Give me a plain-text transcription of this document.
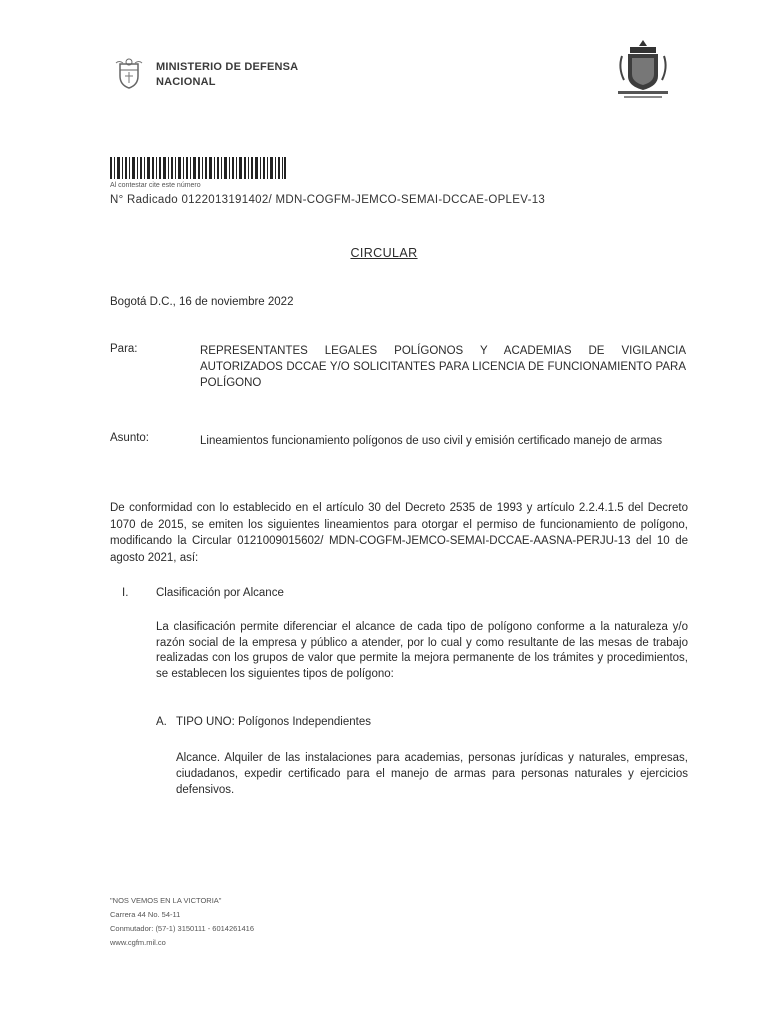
MINISTERIO DE DEFENSA
NACIONAL
Al contestar cite este número
N° Radicado 0122013191402/ MDN-COGFM-JEMCO-SEMAI-DCCAE-OPLEV-13
CIRCULAR
Bogotá D.C., 16 de noviembre 2022
Para:	REPRESENTANTES LEGALES POLÍGONOS Y ACADEMIAS DE VIGILANCIA AUTORIZADOS DCCAE Y/O SOLICITANTES PARA LICENCIA DE FUNCIONAMIENTO PARA POLÍGONO
Asunto:	Lineamientos funcionamiento polígonos de uso civil y emisión certificado manejo de armas
De conformidad con lo establecido en el artículo 30 del Decreto 2535 de 1993 y artículo 2.2.4.1.5 del Decreto 1070 de 2015, se emiten los siguientes lineamientos para otorgar el permiso de funcionamiento de polígono, modificando la Circular 0121009015602/ MDN-COGFM-JEMCO-SEMAI-DCCAE-AASNA-PERJU-13 del 10 de agosto 2021, así:
I. Clasificación por Alcance
La clasificación permite diferenciar el alcance de cada tipo de polígono conforme a la naturaleza y/o razón social de la empresa y público a atender, por lo cual y como resultante de las mesas de trabajo realizadas con los grupos de valor que permite la mejora permanente de los trámites y procedimientos, se establecen los siguientes tipos de polígono:
A. TIPO UNO: Polígonos Independientes
Alcance. Alquiler de las instalaciones para academias, personas jurídicas y naturales, empresas, ciudadanos, expedir certificado para el manejo de armas para personas naturales y ejercicios defensivos.
"NOS VEMOS EN LA VICTORIA"
Carrera 44 No. 54-11
Conmutador: (57-1) 3150111 - 6014261416
www.cgfm.mil.co
